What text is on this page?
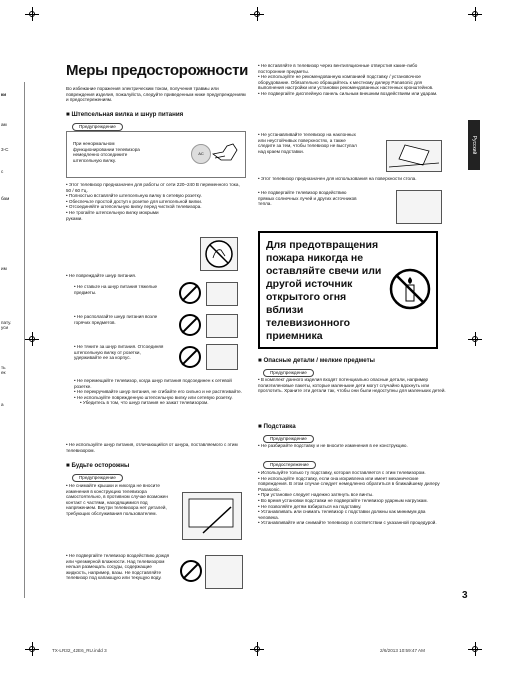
ки
ам
3-С
с
бам
им
пату.
уси
ть
ек
а
Русский
Меры предосторожности
Во избежание поражения электрическим током, получения травмы или повреждения изделия, пожалуйста, следуйте приведенным ниже предупреждениям и предостережениям.
■ Штепсельная вилка и шнур питания
Предупреждение
При ненормальном функционировании телевизора немедленно отсоедините штепсельную вилку.
AC

• Этот телевизор предназначен для работы от сети 220–240 В переменного тока, 50 / 60 Гц.

• Полностью вставляйте штепсельную вилку в сетевую розетку.

• Обеспечьте простой доступ к розетке для штепсельной вилки.

• Отсоединяйте штепсельную вилку перед чисткой телевизора.

• Не трогайте штепсельную вилку мокрыми руками.

• Не повреждайте шнур питания.
• Не ставьте на шнур питания тяжелые предметы.
• Не располагайте шнур питания возле горячих предметов.
• Не тяните за шнур питания. Отсоединяя штепсельную вилку от розетки, удерживайте ее за корпус.

• Не перемещайте телевизор, когда шнур питания подсоединен к сетевой розетке.

• Не перекручивайте шнур питания, не сгибайте его сильно и не растягивайте.

• Не используйте поврежденную штепсельную вилку или сетевую розетку.

• Убедитесь в том, что шнур питания не зажат телевизором.

• Не используйте шнур питания, отличающийся от шнура, поставляемого с этим телевизором.
■ Будьте осторожны
Предупреждение
• Не снимайте крышки и никогда не вносите изменения в конструкцию телевизора самостоятельно, в противном случае возможен контакт с частями, находящимися под напряжением. Внутри телевизора нет деталей, требующих обслуживания пользователем.
• Не подвергайте телевизор воздействию дождя или чрезмерной влажности. Над телевизором нельзя размещать сосуды, содержащие жидкость, например, вазы. Не подставляйте телевизор под капающую или текущую воду.

• Не вставляйте в телевизор через вентиляционные отверстия какие-либо посторонние предметы.

• Не используйте не рекомендованную компанией подставку / установочное оборудование. Обязательно обращайтесь к местному дилеру Panasonic для выполнения настройки или установки рекомендованных настенных кронштейнов.

• Не подвергайте дисплейную панель сильным внешним воздействиям или ударам.

• Не устанавливайте телевизор на наклонных или неустойчивых поверхностях, а также следите за тем, чтобы телевизор не выступал над краем подставки.
• Этот телевизор предназначен для использования на поверхности стола.
• Не подвергайте телевизор воздействию прямых солнечных лучей и других источников тепла.
Для предотвращения пожара никогда не оставляйте свечи или другой источник открытого огня вблизи телевизионного приемника
■ Опасные детали / мелкие предметы
Предупреждение
• В комплект данного изделия входят потенциально опасные детали, например полиэтиленовые пакеты, которые маленькие дети могут случайно вдохнуть или проглотить. Храните эти детали так, чтобы они были недоступны для маленьких детей.
■ Подставка
Предупреждение
• Не разбирайте подставку и не вносите изменения в ее конструкцию.
Предостережение

• Используйте только ту подставку, которая поставляется с этим телевизором.

• Не используйте подставку, если она искривлена или имеет механические повреждения. В этом случае следует немедленно обратиться в ближайшему дилеру Panasonic.

• При установке следует надежно затянуть все винты.

• Во время установки подставки не подвергайте телевизор ударным нагрузкам.

• Не позволяйте детям взбираться на подставку.

• Устанавливать или снимать телевизор с подставки должны как минимум два человека.

• Устанавливайте или снимайте телевизор в соответствии с указанной процедурой.

3
TX-LR32_42E6_RU.indd 3	2/6/2013 10:59:47 AM
